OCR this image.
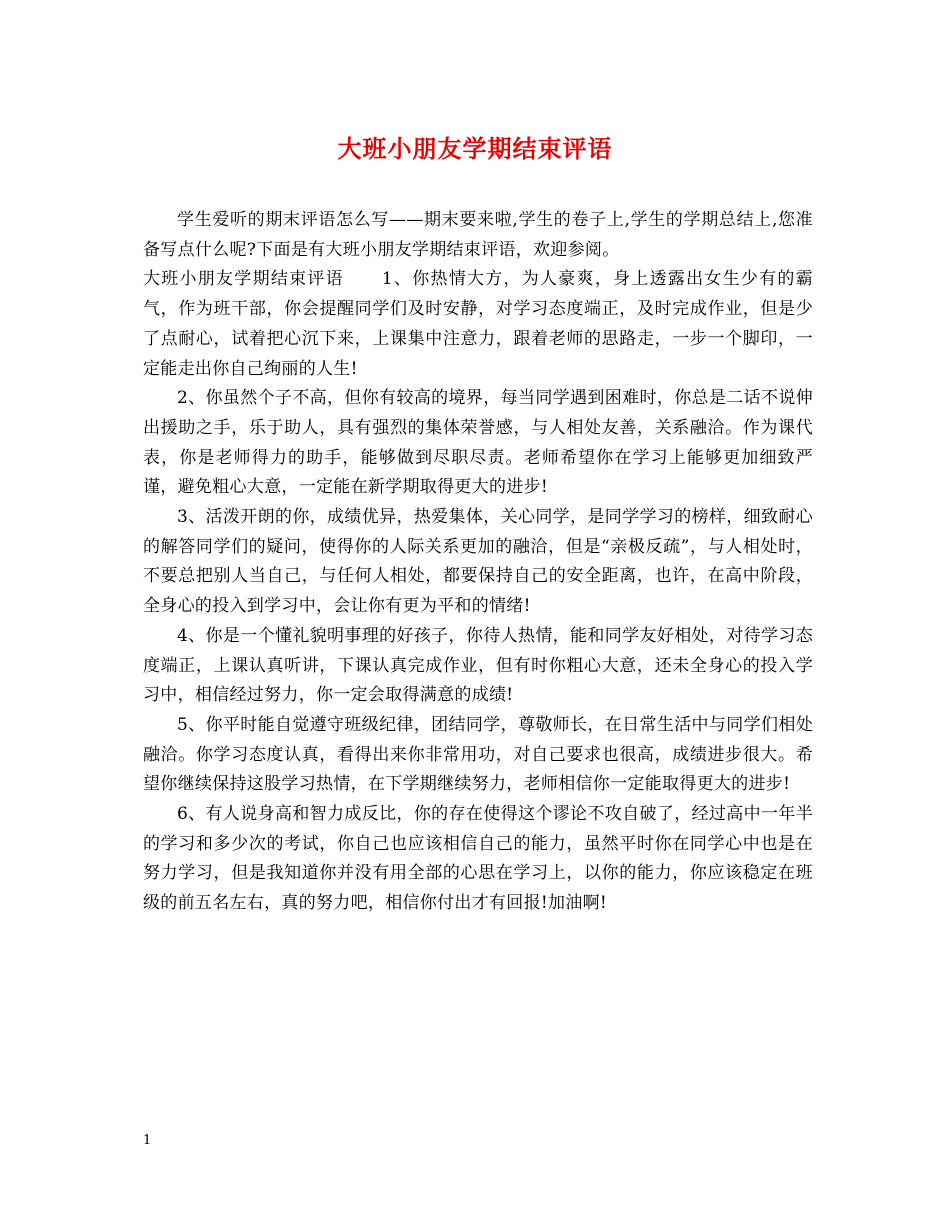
大班小朋友学期结束评语

学生爱听的期末评语怎么写——期末要来啦,学生的卷子上,学生的学期总结上,您准备写点什么呢?下面是有大班小朋友学期结束评语，欢迎参阅。

大班小朋友学期结束评语 1、你热情大方，为人豪爽，身上透露出女生少有的霸气，作为班干部，你会提醒同学们及时安静，对学习态度端正，及时完成作业，但是少了点耐心，试着把心沉下来，上课集中注意力，跟着老师的思路走，一步一个脚印，一定能走出你自己绚丽的人生!

2、你虽然个子不高，但你有较高的境界，每当同学遇到困难时，你总是二话不说伸出援助之手，乐于助人，具有强烈的集体荣誉感，与人相处友善，关系融洽。作为课代表，你是老师得力的助手，能够做到尽职尽责。老师希望你在学习上能够更加细致严谨，避免粗心大意，一定能在新学期取得更大的进步!

3、活泼开朗的你，成绩优异，热爱集体，关心同学，是同学学习的榜样，细致耐心的解答同学们的疑问，使得你的人际关系更加的融洽，但是“亲极反疏”，与人相处时，不要总把别人当自己，与任何人相处，都要保持自己的安全距离，也许，在高中阶段，全身心的投入到学习中，会让你有更为平和的情绪!

4、你是一个懂礼貌明事理的好孩子，你待人热情，能和同学友好相处，对待学习态度端正，上课认真听讲，下课认真完成作业，但有时你粗心大意，还未全身心的投入学习中，相信经过努力，你一定会取得满意的成绩!

5、你平时能自觉遵守班级纪律，团结同学，尊敬师长，在日常生活中与同学们相处融洽。你学习态度认真，看得出来你非常用功，对自己要求也很高，成绩进步很大。希望你继续保持这股学习热情，在下学期继续努力，老师相信你一定能取得更大的进步!

6、有人说身高和智力成反比，你的存在使得这个谬论不攻自破了，经过高中一年半的学习和多少次的考试，你自己也应该相信自己的能力，虽然平时你在同学心中也是在努力学习，但是我知道你并没有用全部的心思在学习上，以你的能力，你应该稳定在班级的前五名左右，真的努力吧，相信你付出才有回报!加油啊!

1
